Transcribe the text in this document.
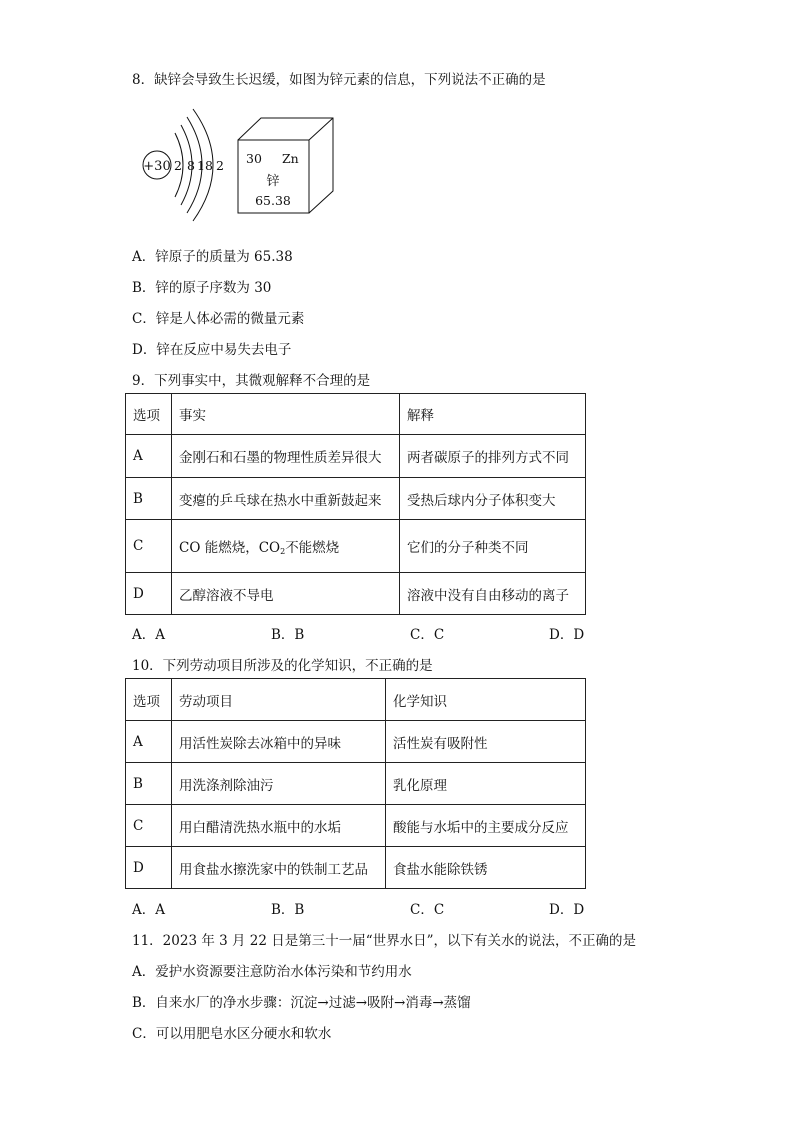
8．缺锌会导致生长迟缓，如图为锌元素的信息，下列说法不正确的是
+30 2 8 18 2 30 Zn
锌
65.38
A．锌原子的质量为 65.38
B．锌的原子序数为 30
C．锌是人体必需的微量元素
D．锌在反应中易失去电子
9．下列事实中，其微观解释不合理的是
选项	事实	解释
A	金刚石和石墨的物理性质差异很大	两者碳原子的排列方式不同
B	变瘪的乒乓球在热水中重新鼓起来	受热后球内分子体积变大
C	CO 能燃烧，$CO_2$不能燃烧	它们的分子种类不同
D	乙醇溶液不导电	溶液中没有自由移动的离子
A．A	B．B	C．C	D．D
10．下列劳动项目所涉及的化学知识，不正确的是
选项	劳动项目	化学知识
A	用活性炭除去冰箱中的异味	活性炭有吸附性
B	用洗涤剂除油污	乳化原理
C	用白醋清洗热水瓶中的水垢	酸能与水垢中的主要成分反应
D	用食盐水擦洗家中的铁制工艺品	食盐水能除铁锈
A．A	B．B	C．C	D．D
11．2023 年 3 月 22 日是第三十一届“世界水日”，以下有关水的说法，不正确的是
A．爱护水资源要注意防治水体污染和节约用水
B．自来水厂的净水步骤：沉淀→过滤→吸附→消毒→蒸馏
C．可以用肥皂水区分硬水和软水
